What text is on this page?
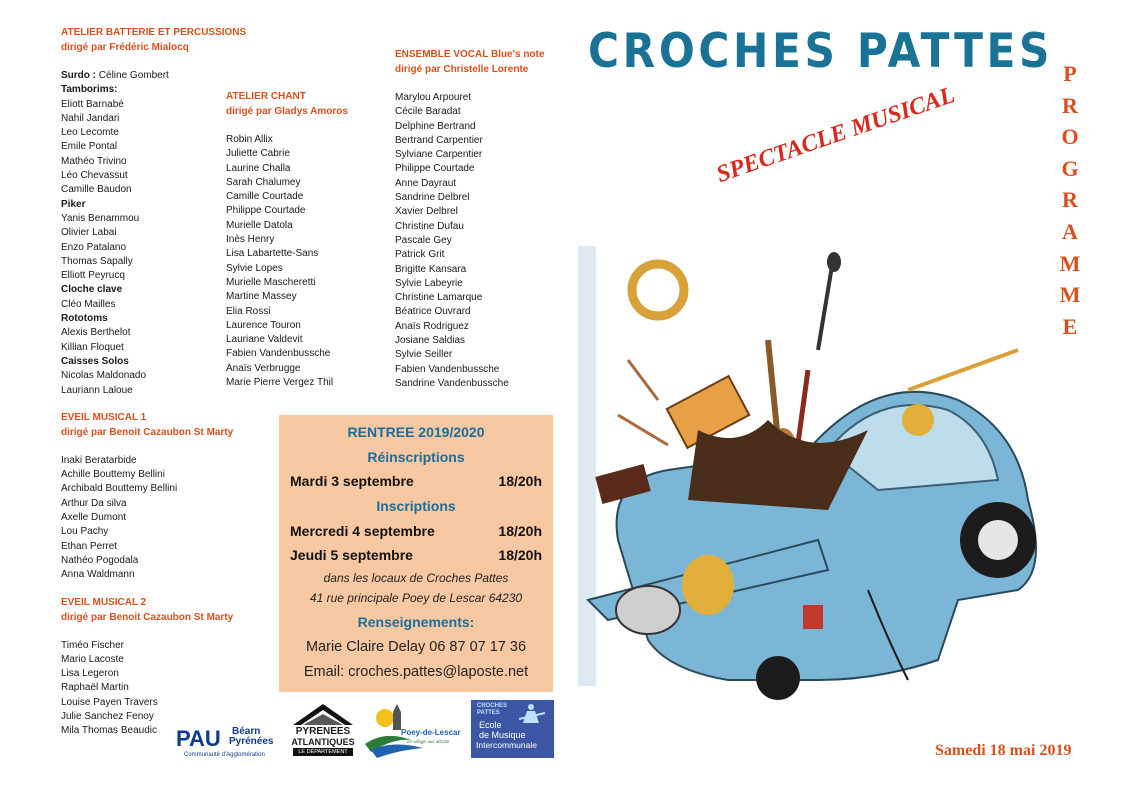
ATELIER BATTERIE ET PERCUSSIONS
dirigé par Frédéric Mialocq
Surdo : Céline Gombert
Tamborims:
Eliott Barnabé
Nahil Jandari
Leo Lecomte
Emile Pontal
Mathéo Trivino
Léo Chevassut
Camille Baudon
Piker
Yanis Benammou
Olivier Labai
Enzo Patalano
Thomas Sapally
Elliott Peyrucq
Cloche clave
Cléo Mailles
Rototoms
Alexis Berthelot
Killian Floquet
Caisses Solos
Nicolas Maldonado
Lauriann Laloue
EVEIL MUSICAL 1
dirigé par Benoit Cazaubon St Marty
Inaki Beratarbide
Achille Bouttemy Bellini
Archibald Bouttemy Bellini
Arthur Da silva
Axelle Dumont
Lou Pachy
Ethan Perret
Nathéo Pogodala
Anna Waldmann
EVEIL MUSICAL 2
dirigé par Benoit Cazaubon St Marty
Timéo Fischer
Mario Lacoste
Lisa Legeron
Raphaël Martin
Louise Payen Travers
Julie Sanchez Fenoy
Mila Thomas Beaudic
ATELIER CHANT
dirigé par Gladys Amoros
Robin Allix
Juliette Cabrie
Laurine Challa
Sarah Chalumey
Camille Courtade
Philippe Courtade
Murielle Datola
Inès Henry
Lisa Labartette-Sans
Sylvie Lopes
Murielle Mascheretti
Martine Massey
Elia Rossi
Laurence Touron
Lauriane Valdevit
Fabien Vandenbussche
Anaïs Verbrugge
Marie Pierre Vergez Thil
ENSEMBLE VOCAL Blue's note
dirigé par Christelle Lorente
Marylou Arpouret
Cécile Baradat
Delphine Bertrand
Bertrand Carpentier
Sylviane Carpentier
Philippe Courtade
Anne Dayraut
Sandrine Delbrel
Xavier Delbrel
Christine Dufau
Pascale Gey
Patrick Grit
Brigitte Kansara
Sylvie Labeyrie
Christine Lamarque
Béatrice Ouvrard
Anaïs Rodriguez
Josiane Saldias
Sylvie Seiller
Fabien Vandenbussche
Sandrine Vandenbussche
RENTREE 2019/2020
Réinscriptions
Mardi 3 septembre	18/20h
Inscriptions
Mercredi 4 septembre	18/20h
Jeudi 5 septembre	18/20h
dans les locaux de Croches Pattes
41 rue principale Poey de Lescar 64230
Renseignements:
Marie Claire Delay 06 87 07 17 36
Email: croches.pattes@laposte.net
PAU Béarn
Pyrénées
Communauté d'Agglomération
PYRENEES
ATLANTIQUES
LE DÉPARTEMENT
Poey-de-Lescar
en village aux attraits
CROCHES
PATTES
Ecole
de Musique
Intercommunale
CROCHES PATTES P
R
O
G
R
A
M
M
E
SPECTACLE MUSICAL
Samedi 18 mai 2019
